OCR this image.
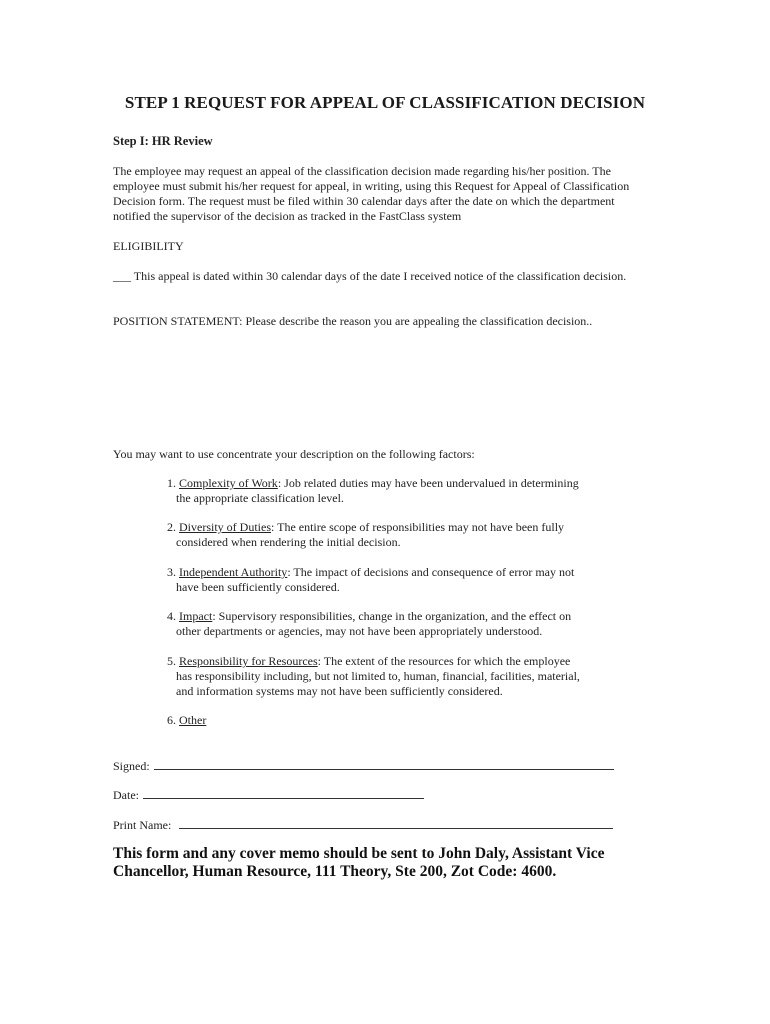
STEP 1 REQUEST FOR APPEAL OF CLASSIFICATION DECISION
Step I: HR Review
The employee may request an appeal of the classification decision made regarding his/her position. The
employee must submit his/her request for appeal, in writing, using this Request for Appeal of Classification
Decision form. The request must be filed within 30 calendar days after the date on which the department
notified the supervisor of the decision as tracked in the FastClass system
ELIGIBILITY
___ This appeal is dated within 30 calendar days of the date I received notice of the classification decision.
POSITION STATEMENT: Please describe the reason you are appealing the classification decision..
You may want to use concentrate your description on the following factors:
1. Complexity of Work: Job related duties may have been undervalued in determining
the appropriate classification level.
2. Diversity of Duties: The entire scope of responsibilities may not have been fully
considered when rendering the initial decision.
3. Independent Authority: The impact of decisions and consequence of error may not
have been sufficiently considered.
4. Impact: Supervisory responsibilities, change in the organization, and the effect on
other departments or agencies, may not have been appropriately understood.
5. Responsibility for Resources: The extent of the resources for which the employee
has responsibility including, but not limited to, human, financial, facilities, material,
and information systems may not have been sufficiently considered.
6. Other
Signed:
Date:
Print Name:
This form and any cover memo should be sent to John Daly, Assistant Vice
Chancellor, Human Resource, 111 Theory, Ste 200, Zot Code: 4600.
